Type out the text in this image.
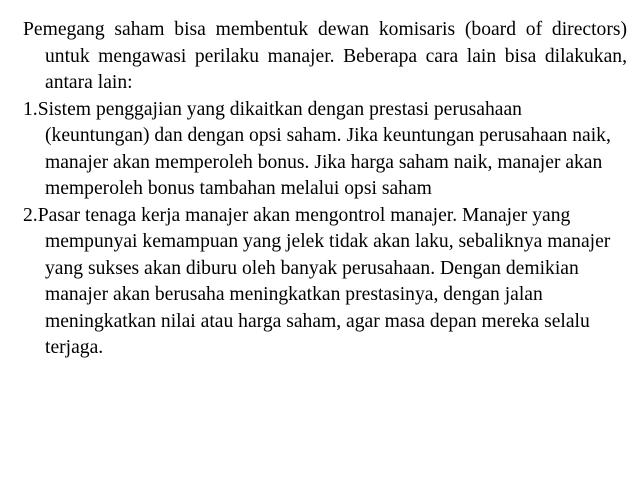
Pemegang saham bisa membentuk dewan komisaris (board of directors) untuk mengawasi perilaku manajer. Beberapa cara lain bisa dilakukan, antara lain:

1.Sistem penggajian yang dikaitkan dengan prestasi perusahaan (keuntungan) dan dengan opsi saham. Jika keuntungan perusahaan naik, manajer akan memperoleh bonus. Jika harga saham naik, manajer akan memperoleh bonus tambahan melalui opsi saham

2.Pasar tenaga kerja manajer akan mengontrol manajer. Manajer yang mempunyai kemampuan yang jelek tidak akan laku, sebaliknya manajer yang sukses akan diburu oleh banyak perusahaan. Dengan demikian manajer akan berusaha meningkatkan prestasinya, dengan jalan meningkatkan nilai atau harga saham, agar masa depan mereka selalu terjaga.
